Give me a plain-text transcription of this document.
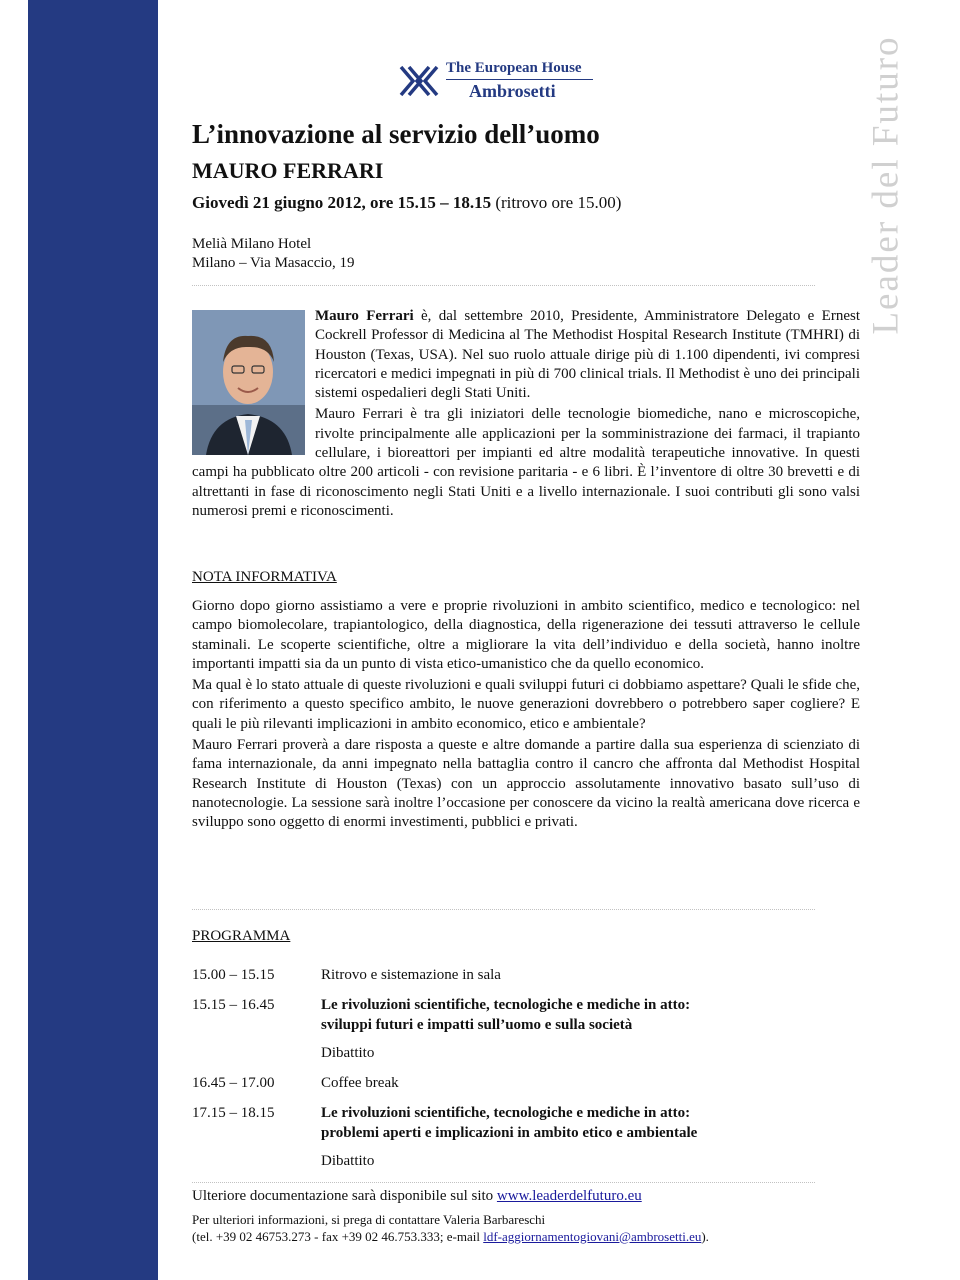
Leader del Futuro
The European House
Ambrosetti
L’innovazione al servizio dell’uomo
MAURO FERRARI
Giovedì 21 giugno 2012, ore 15.15 – 18.15 (ritrovo ore 15.00)
Melià Milano Hotel
Milano – Via Masaccio, 19

Mauro Ferrari è, dal settembre 2010, Presidente, Amministratore Delegato e Ernest Cockrell Professor di Medicina al The Methodist Hospital Research Institute (TMHRI) di Houston (Texas, USA). Nel suo ruolo attuale dirige più di 1.100 dipendenti, ivi compresi ricercatori e medici impegnati in più di 700 clinical trials. Il Methodist è uno dei principali sistemi ospedalieri degli Stati Uniti.

Mauro Ferrari è tra gli iniziatori delle tecnologie biomediche, nano e microscopiche, rivolte principalmente alle applicazioni per la somministrazione dei farmaci, il trapianto cellulare, i bioreattori per impianti ed altre modalità terapeutiche innovative. In questi campi ha pubblicato oltre 200 articoli - con revisione paritaria - e 6 libri. È l’inventore di oltre 30 brevetti e di altrettanti in fase di riconoscimento negli Stati Uniti e a livello internazionale. I suoi contributi gli sono valsi numerosi premi e riconoscimenti.

NOTA INFORMATIVA

Giorno dopo giorno assistiamo a vere e proprie rivoluzioni in ambito scientifico, medico e tecnologico: nel campo biomolecolare, trapiantologico, della diagnostica, della rigenerazione dei tessuti attraverso le cellule staminali. Le scoperte scientifiche, oltre a migliorare la vita dell’individuo e della società, hanno inoltre importanti impatti sia da un punto di vista etico-umanistico che da quello economico.

Ma qual è lo stato attuale di queste rivoluzioni e quali sviluppi futuri ci dobbiamo aspettare? Quali le sfide che, con riferimento a questo specifico ambito, le nuove generazioni dovrebbero o potrebbero saper cogliere? E quali le più rilevanti implicazioni in ambito economico, etico e ambientale?

Mauro Ferrari proverà a dare risposta a queste e altre domande a partire dalla sua esperienza di scienziato di fama internazionale, da anni impegnato nella battaglia contro il cancro che affronta dal Methodist Hospital Research Institute di Houston (Texas) con un approccio assolutamente innovativo basato sull’uso di nanotecnologie. La sessione sarà inoltre l’occasione per conoscere da vicino la realtà americana dove ricerca e sviluppo sono oggetto di enormi investimenti, pubblici e privati.

PROGRAMMA
15.00 – 15.15	Ritrovo e sistemazione in sala
15.15 – 16.45	Le rivoluzioni scientifiche, tecnologiche e mediche in atto:
sviluppi futuri e impatti sull’uomo e sulla società
Dibattito
16.45 – 17.00	Coffee break
17.15 – 18.15	Le rivoluzioni scientifiche, tecnologiche e mediche in atto:
problemi aperti e implicazioni in ambito etico e ambientale
Dibattito
Ulteriore documentazione sarà disponibile sul sito www.leaderdelfuturo.eu
Per ulteriori informazioni, si prega di contattare Valeria Barbareschi
(tel. +39 02 46753.273 - fax +39 02 46.753.333; e-mail ldf-aggiornamentogiovani@ambrosetti.eu).
